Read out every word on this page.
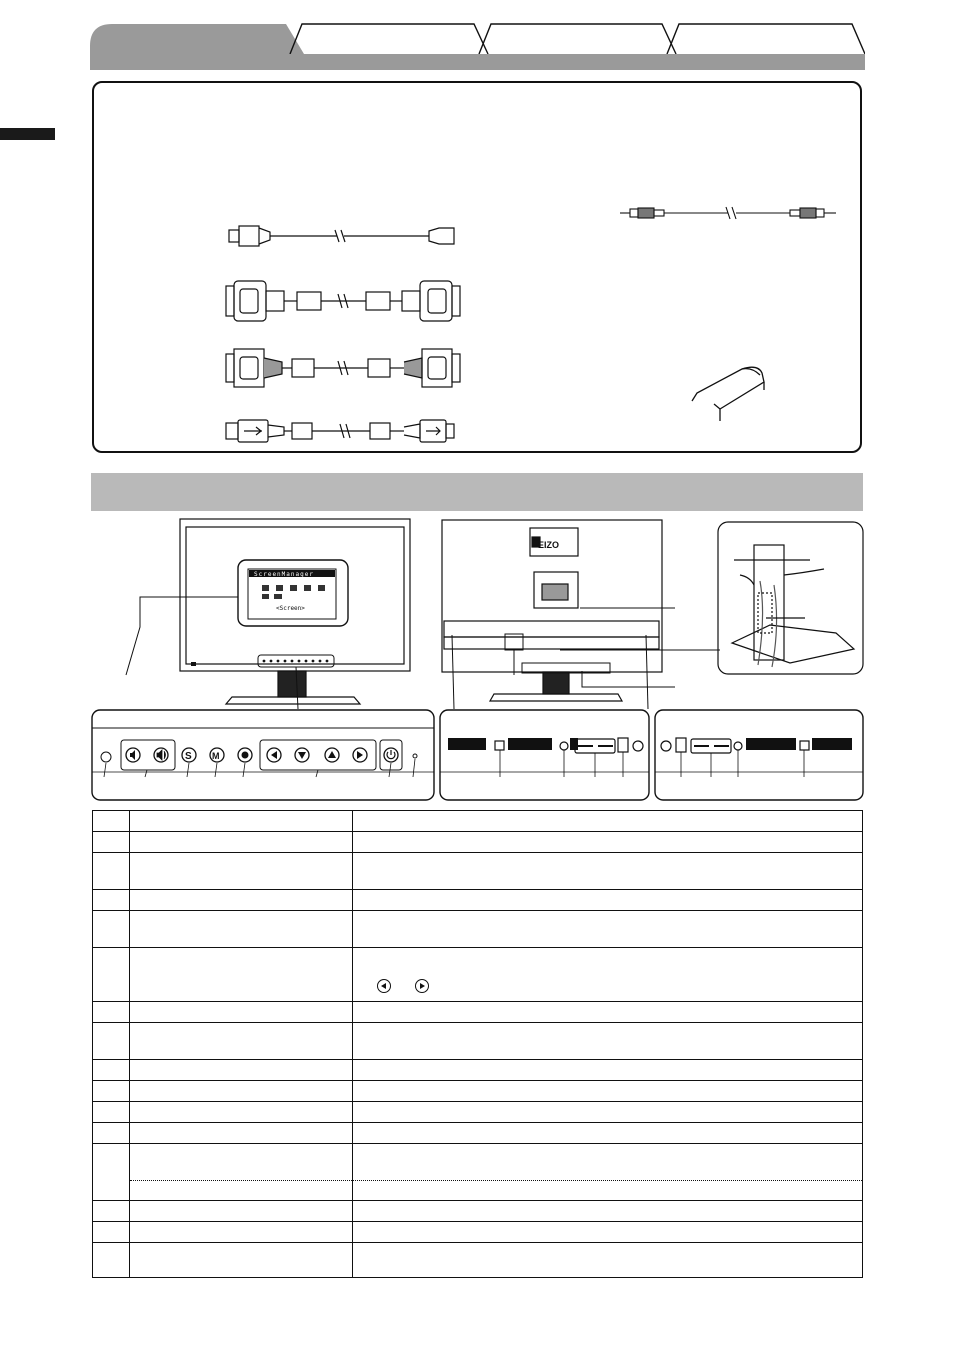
ScreenManager
<Screen>
EIZO
S M
